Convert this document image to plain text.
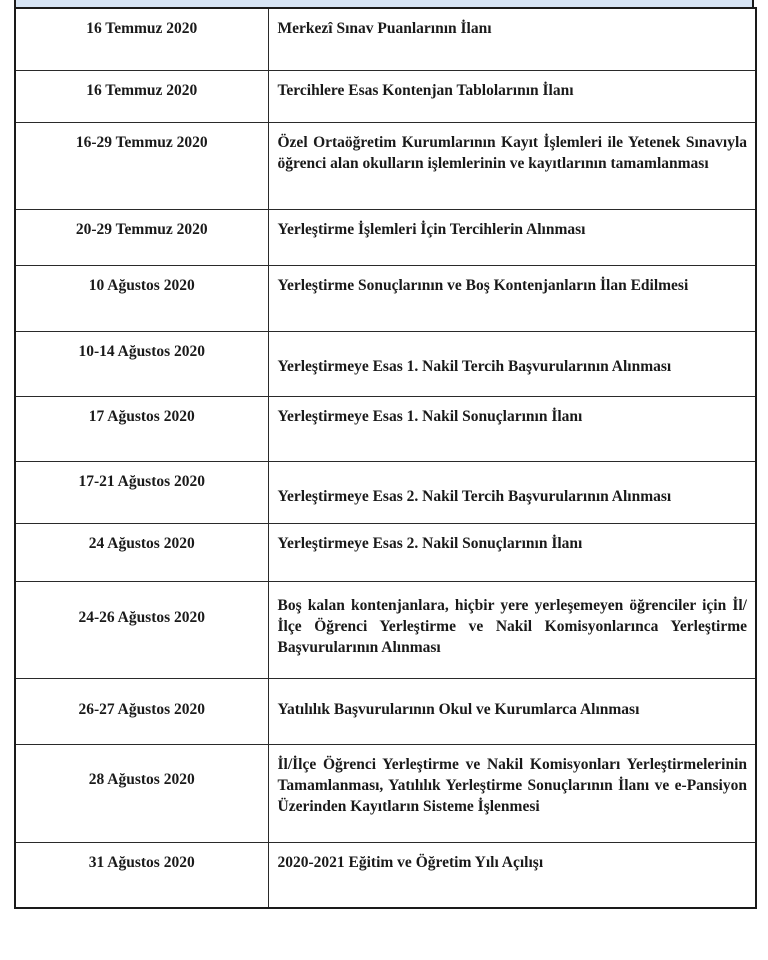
16 Temmuz 2020	Merkezî Sınav Puanlarının İlanı

16 Temmuz 2020	Tercihlere Esas Kontenjan Tablolarının İlanı

16-29 Temmuz 2020	Özel Ortaöğretim Kurumlarının Kayıt İşlemleri ile Yetenek Sınavıyla öğrenci alan okulların işlemlerinin ve kayıtlarının tamamlanması

20-29 Temmuz 2020	Yerleştirme İşlemleri İçin Tercihlerin Alınması

10 Ağustos 2020	Yerleştirme Sonuçlarının ve Boş Kontenjanların İlan Edilmesi

10-14 Ağustos 2020	Yerleştirmeye Esas 1. Nakil Tercih Başvurularının Alınması

17 Ağustos 2020	Yerleştirmeye Esas 1. Nakil Sonuçlarının İlanı

17-21 Ağustos 2020	Yerleştirmeye Esas 2. Nakil Tercih Başvurularının Alınması

24 Ağustos 2020	Yerleştirmeye Esas 2. Nakil Sonuçlarının İlanı

24-26 Ağustos 2020	Boş kalan kontenjanlara, hiçbir yere yerleşemeyen öğrenciler için İl/İlçe Öğrenci Yerleştirme ve Nakil Komisyonlarınca Yerleştirme Başvurularının Alınması

26-27 Ağustos 2020	Yatılılık Başvurularının Okul ve Kurumlarca Alınması

28 Ağustos 2020	İl/İlçe Öğrenci Yerleştirme ve Nakil Komisyonları Yerleştirmelerinin Tamamlanması, Yatılılık Yerleştirme Sonuçlarının İlanı ve e-Pansiyon Üzerinden Kayıtların Sisteme İşlenmesi

31 Ağustos 2020	2020-2021 Eğitim ve Öğretim Yılı Açılışı
